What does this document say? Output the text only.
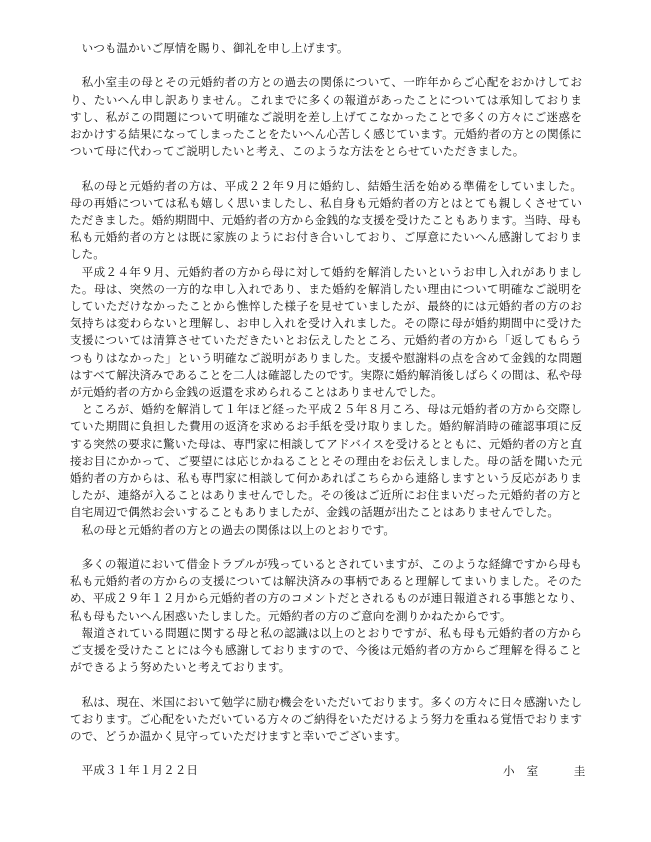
いつも温かいご厚情を賜り、御礼を申し上げます。

私小室圭の母とその元婚約者の方との過去の関係について、一昨年からご心配をおかけしており、たいへん申し訳ありません。これまでに多くの報道があったことについては承知しておりますし、私がこの問題について明確なご説明を差し上げてこなかったことで多くの方々にご迷惑をおかけする結果になってしまったことをたいへん心苦しく感じています。元婚約者の方との関係について母に代わってご説明したいと考え、このような方法をとらせていただきました。

私の母と元婚約者の方は、平成２２年９月に婚約し、結婚生活を始める準備をしていました。母の再婚については私も嬉しく思いましたし、私自身も元婚約者の方とはとても親しくさせていただきました。婚約期間中、元婚約者の方から金銭的な支援を受けたこともあります。当時、母も私も元婚約者の方とは既に家族のようにお付き合いしており、ご厚意にたいへん感謝しておりました。

平成２４年９月、元婚約者の方から母に対して婚約を解消したいというお申し入れがありました。母は、突然の一方的な申し入れであり、また婚約を解消したい理由について明確なご説明をしていただけなかったことから憔悴した様子を見せていましたが、最終的には元婚約者の方のお気持ちは変わらないと理解し、お申し入れを受け入れました。その際に母が婚約期間中に受けた支援については清算させていただきたいとお伝えしたところ、元婚約者の方から「返してもらうつもりはなかった」という明確なご説明がありました。支援や慰謝料の点を含めて金銭的な問題はすべて解決済みであることを二人は確認したのです。実際に婚約解消後しばらくの間は、私や母が元婚約者の方から金銭の返還を求められることはありませんでした。

ところが、婚約を解消して１年ほど経った平成２５年８月ころ、母は元婚約者の方から交際していた期間に負担した費用の返済を求めるお手紙を受け取りました。婚約解消時の確認事項に反する突然の要求に驚いた母は、専門家に相談してアドバイスを受けるとともに、元婚約者の方と直接お目にかかって、ご要望には応じかねることとその理由をお伝えしました。母の話を聞いた元婚約者の方からは、私も専門家に相談して何かあればこちらから連絡しますという反応がありましたが、連絡が入ることはありませんでした。その後はご近所にお住まいだった元婚約者の方と自宅周辺で偶然お会いすることもありましたが、金銭の話題が出たことはありませんでした。

私の母と元婚約者の方との過去の関係は以上のとおりです。

多くの報道において借金トラブルが残っているとされていますが、このような経緯ですから母も私も元婚約者の方からの支援については解決済みの事柄であると理解してまいりました。そのため、平成２９年１２月から元婚約者の方のコメントだとされるものが連日報道される事態となり、私も母もたいへん困惑いたしました。元婚約者の方のご意向を測りかねたからです。

報道されている問題に関する母と私の認識は以上のとおりですが、私も母も元婚約者の方からご支援を受けたことには今も感謝しておりますので、今後は元婚約者の方からご理解を得ることができるよう努めたいと考えております。

私は、現在、米国において勉学に励む機会をいただいております。多くの方々に日々感謝いたしております。ご心配をいただいている方々のご納得をいただけるよう努力を重ねる覚悟でおりますので、どうか温かく見守っていただけますと幸いでございます。

平成３１年１月２２日	小室　圭
